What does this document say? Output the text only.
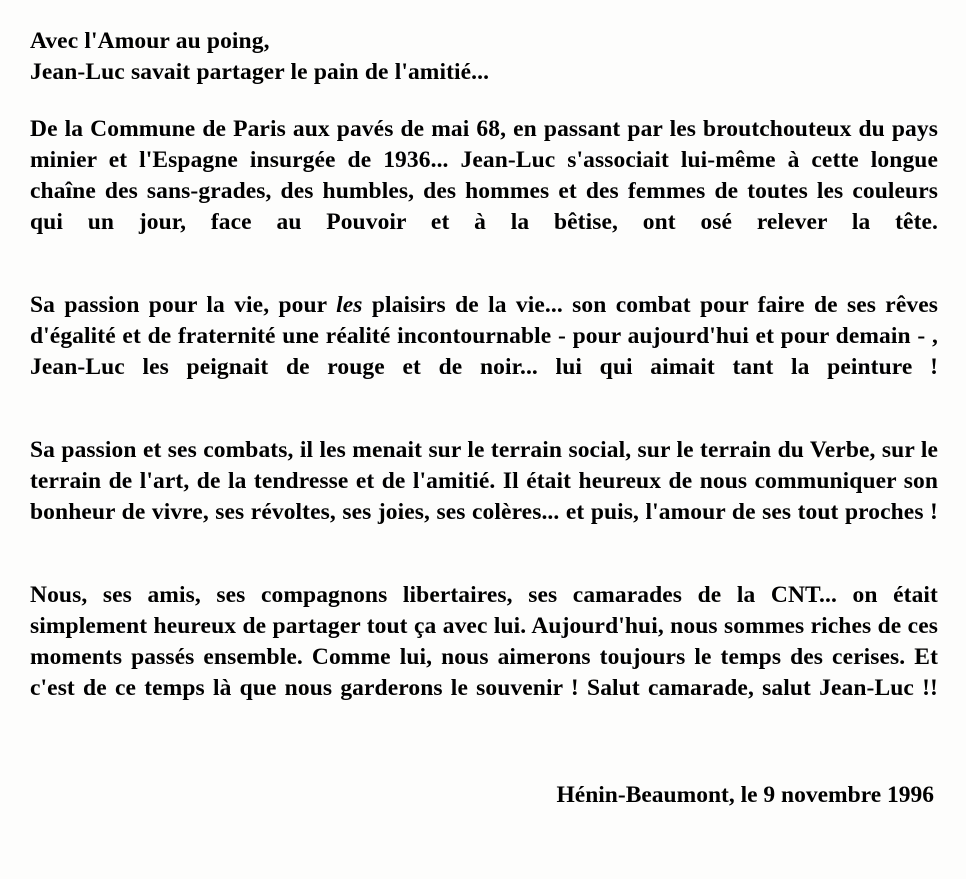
Avec l'Amour au poing,
Jean-Luc savait partager le pain de l'amitié...

De la Commune de Paris aux pavés de mai 68, en passant par les broutchouteux du pays minier et l'Espagne insurgée de 1936... Jean-Luc s'associait lui-même à cette longue chaîne des sans-grades, des humbles, des hommes et des femmes de toutes les couleurs qui un jour, face au Pouvoir et à la bêtise, ont osé relever la tête.

Sa passion pour la vie, pour les plaisirs de la vie... son combat pour faire de ses rêves d'égalité et de fraternité une réalité incontournable - pour aujourd'hui et pour demain - , Jean-Luc les peignait de rouge et de noir... lui qui aimait tant la peinture !

Sa passion et ses combats, il les menait sur le terrain social, sur le terrain du Verbe, sur le terrain de l'art, de la tendresse et de l'amitié. Il était heureux de nous communiquer son bonheur de vivre, ses révoltes, ses joies, ses colères... et puis, l'amour de ses tout proches !

Nous, ses amis, ses compagnons libertaires, ses camarades de la CNT... on était simplement heureux de partager tout ça avec lui. Aujourd'hui, nous sommes riches de ces moments passés ensemble. Comme lui, nous aimerons toujours le temps des cerises. Et c'est de ce temps là que nous garderons le souvenir ! Salut camarade, salut Jean-Luc !!

Hénin-Beaumont, le 9 novembre 1996
